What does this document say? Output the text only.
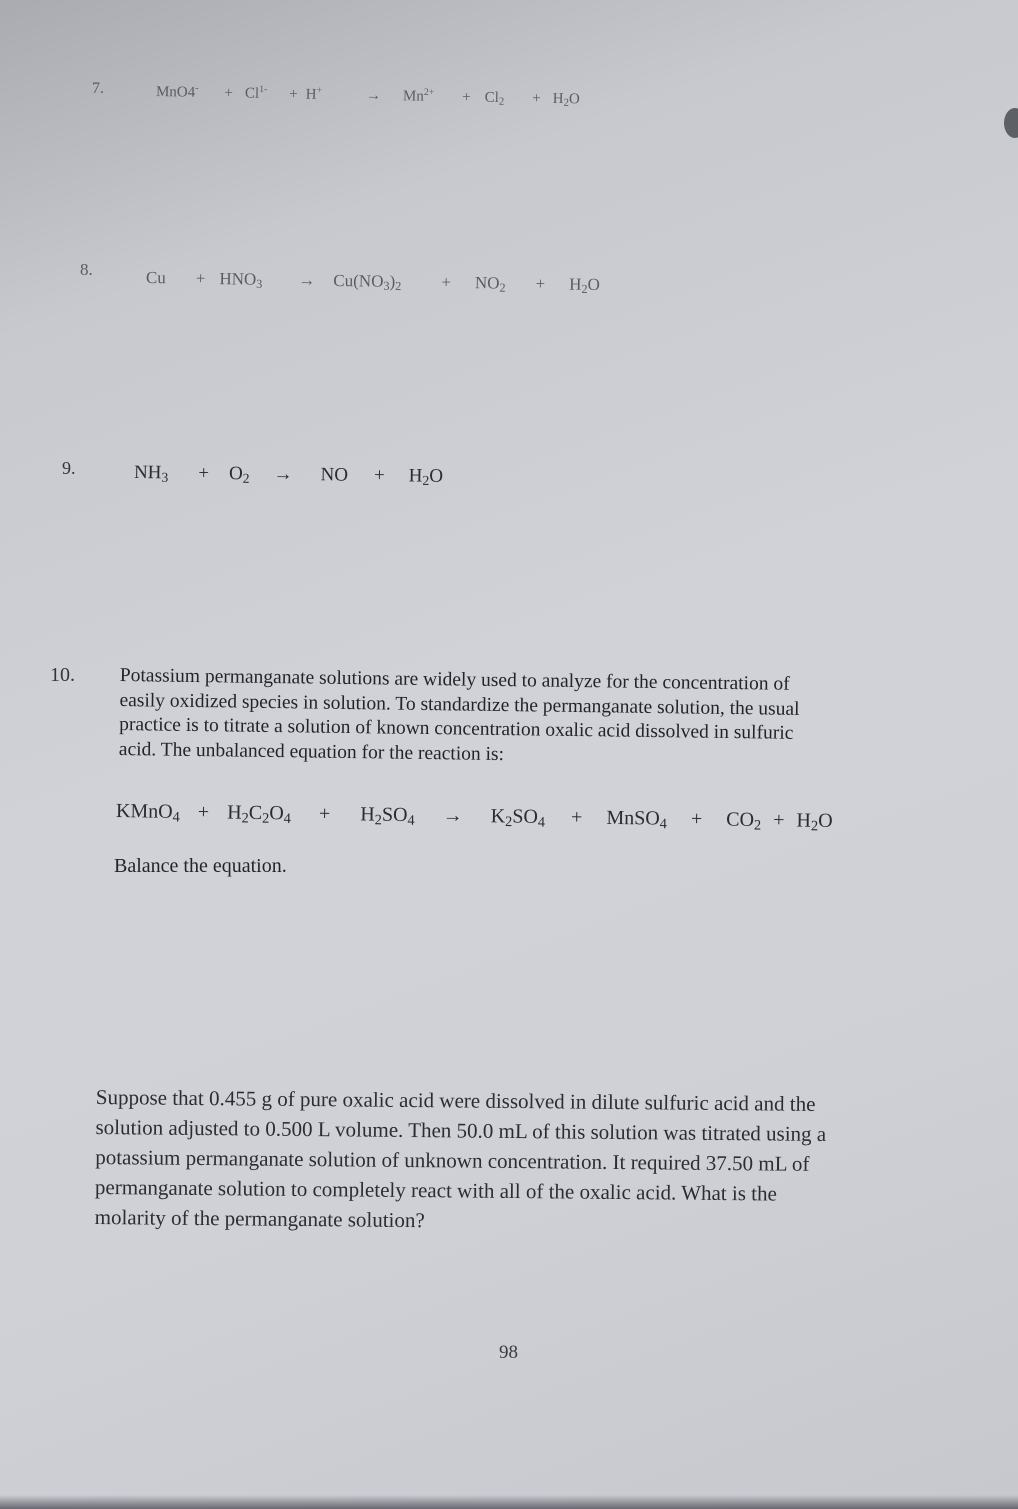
7.	$MnO4^- + Cl^{1-} + H^+$	→ $Mn^{2+} + Cl_2 + H_2O$
8.	$Cu + HNO_3 \to Cu(NO_3)_2 + NO_2 + H_2O$
9.	$NH_3 + O_2$ → NO + $H_2O$
10. Potassium permanganate solutions are widely used to analyze for the concentration of
easily oxidized species in solution. To standardize the permanganate solution, the usual
practice is to titrate a solution of known concentration oxalic acid dissolved in sulfuric
acid. The unbalanced equation for the reaction is:
KMnO$_4$ + $H_2C_2O_4 + H_2SO_4 \to K_2SO_4$ + MnSO$_4$ + $CO_2 + H_2O$
Balance the equation.
Suppose that 0.455 g of pure oxalic acid were dissolved in dilute sulfuric acid and the
solution adjusted to 0.500 L volume. Then 50.0 mL of this solution was titrated using a
potassium permanganate solution of unknown concentration. It required 37.50 mL of
permanganate solution to completely react with all of the oxalic acid. What is the
molarity of the permanganate solution?
98
